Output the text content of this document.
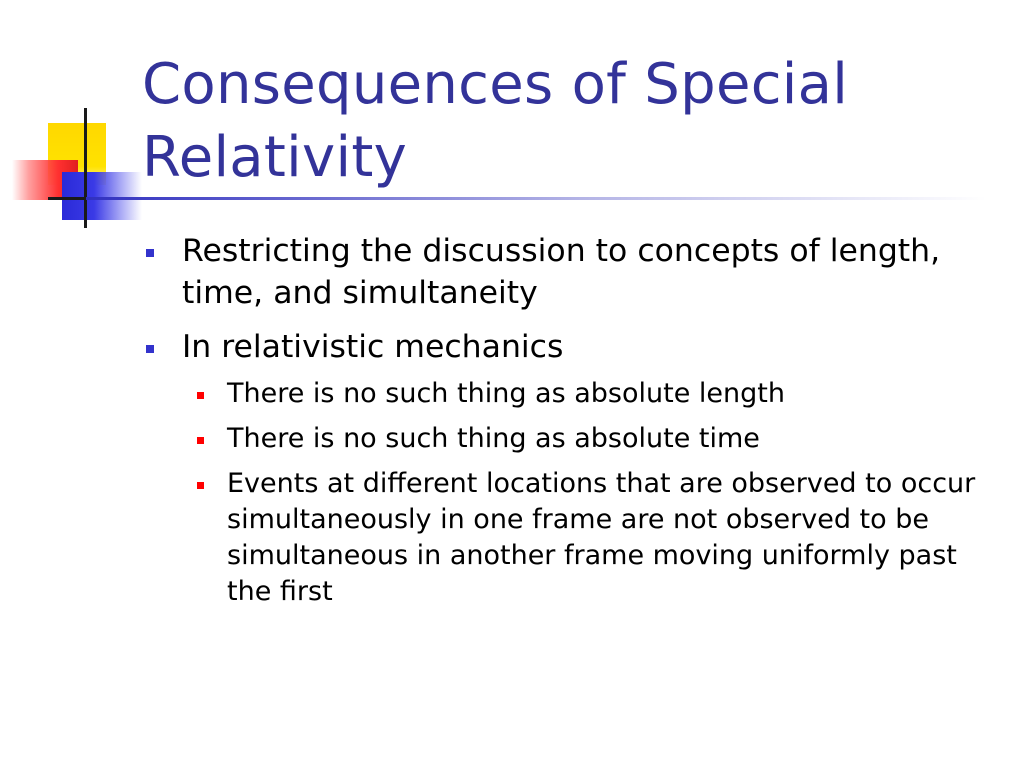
Consequences of Special Relativity
Restricting the discussion to concepts of length, time, and simultaneity
In relativistic mechanics
There is no such thing as absolute length
There is no such thing as absolute time
Events at different locations that are observed to occur simultaneously in one frame are not observed to be simultaneous in another frame moving uniformly past the first
